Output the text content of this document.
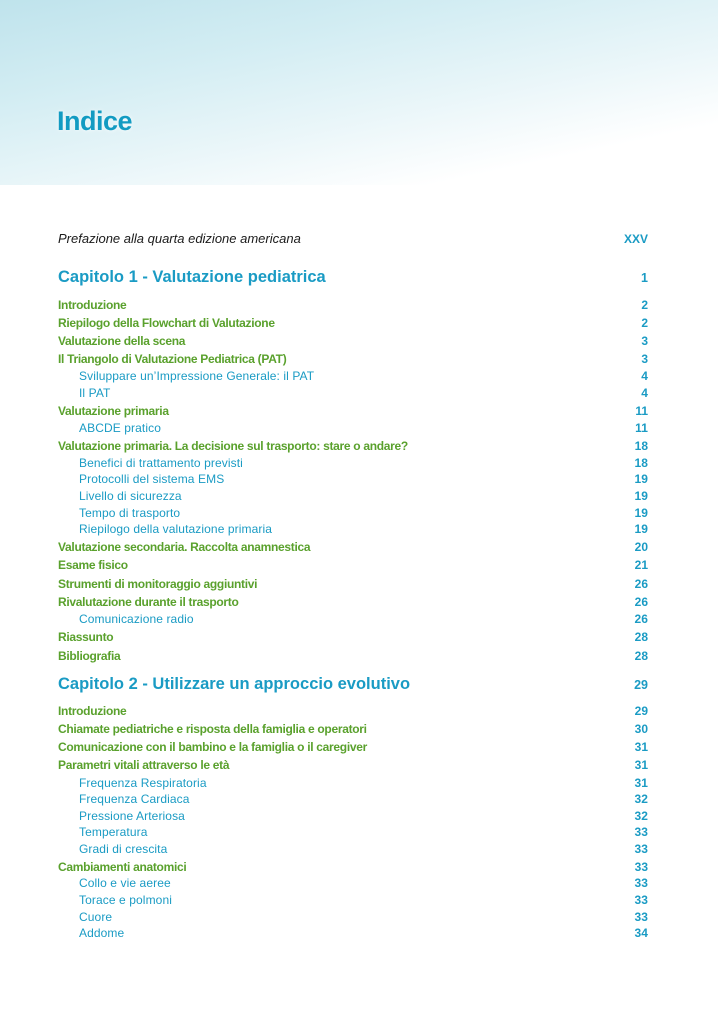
Indice
Prefazione alla quarta edizione americana	XXV
Capitolo 1 - Valutazione pediatrica	1
Introduzione	2
Riepilogo della Flowchart di Valutazione	2
Valutazione della scena	3
Il Triangolo di Valutazione Pediatrica (PAT)	3
Sviluppare un’Impressione Generale: il PAT	4
Il PAT	4
Valutazione primaria	11
ABCDE pratico	11
Valutazione primaria. La decisione sul trasporto: stare o andare?	18
Benefici di trattamento previsti	18
Protocolli del sistema EMS	19
Livello di sicurezza	19
Tempo di trasporto	19
Riepilogo della valutazione primaria	19
Valutazione secondaria. Raccolta anamnestica	20
Esame fisico	21
Strumenti di monitoraggio aggiuntivi	26
Rivalutazione durante il trasporto	26
Comunicazione radio	26
Riassunto	28
Bibliografia	28
Capitolo 2 - Utilizzare un approccio evolutivo	29
Introduzione	29
Chiamate pediatriche e risposta della famiglia e operatori	30
Comunicazione con il bambino e la famiglia o il caregiver	31
Parametri vitali attraverso le età	31
Frequenza Respiratoria	31
Frequenza Cardiaca	32
Pressione Arteriosa	32
Temperatura	33
Gradi di crescita	33
Cambiamenti anatomici	33
Collo e vie aeree	33
Torace e polmoni	33
Cuore	33
Addome	34
